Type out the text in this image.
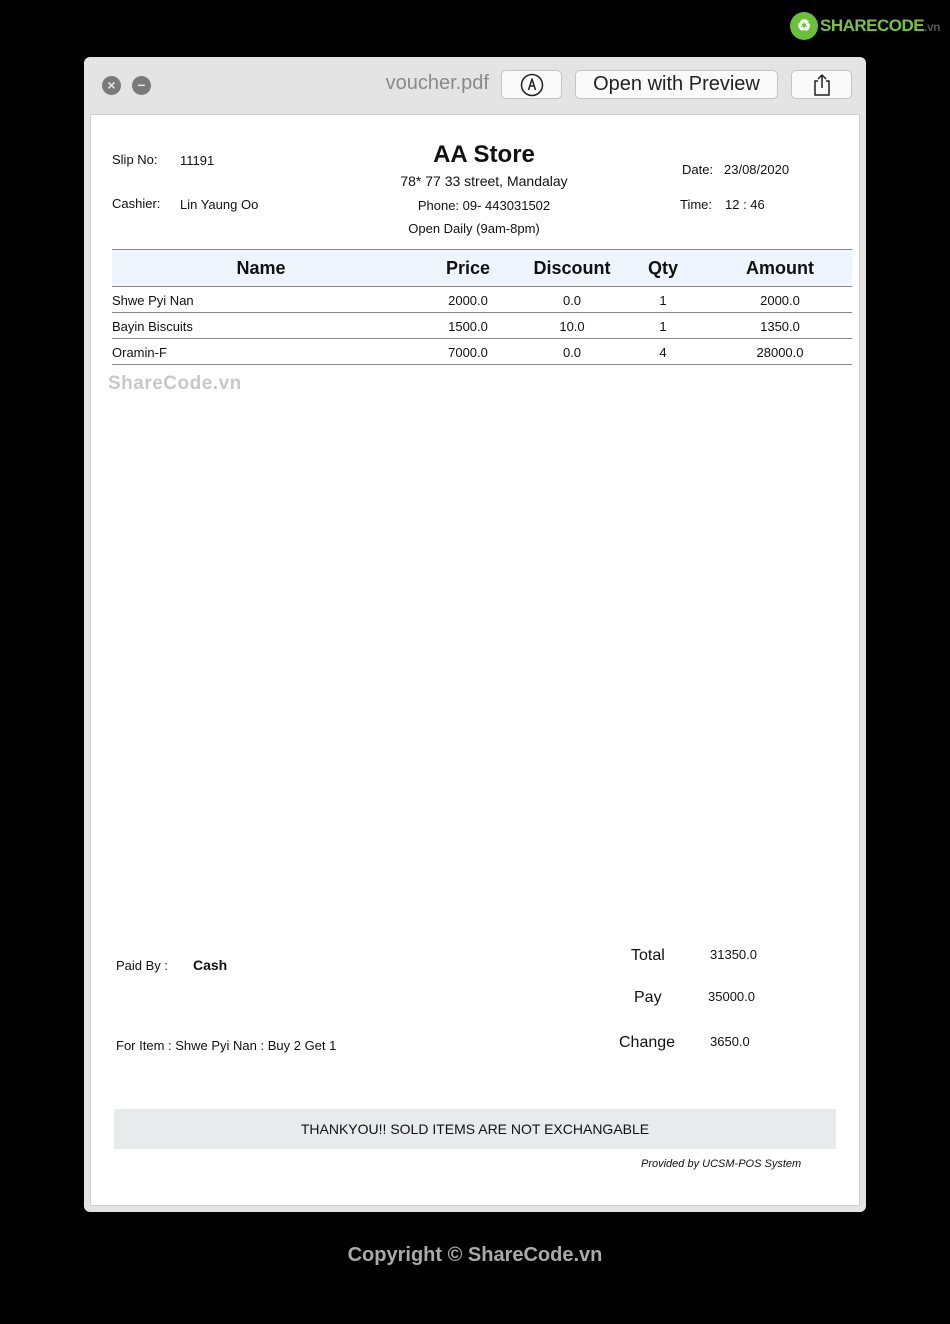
♻ SHARECODE.vn
×	−	voucher.pdf	Open with Preview
Slip No: 11191
Cashier: Lin Yaung Oo
AA Store
78* 77 33 street, Mandalay
Phone: 09- 443031502
Open Daily (9am-8pm)
Date: 23/08/2020
Time: 12 : 46
Name	Price	Discount	Qty	Amount
Shwe Pyi Nan	2000.0	0.0	1	2000.0
Bayin Biscuits	1500.0	10.0	1	1350.0
Oramin-F	7000.0	0.0	4	28000.0
ShareCode.vn
Paid By : Cash
For Item : Shwe Pyi Nan : Buy 2 Get 1
Total	31350.0
Pay	35000.0
Change	3650.0
THANKYOU!! SOLD ITEMS ARE NOT EXCHANGABLE
Provided by UCSM-POS System
Copyright © ShareCode.vn
